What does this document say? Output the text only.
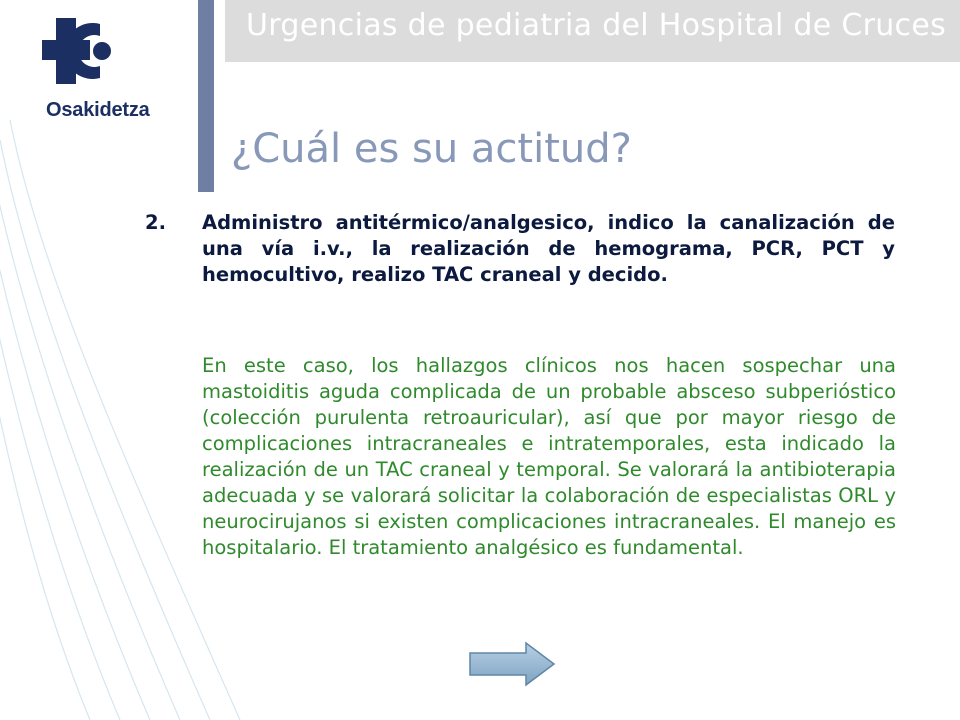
Urgencias de pediatria del Hospital de Cruces
Osakidetza
¿Cuál es su actitud?
2. Administro antitérmico/analgesico, indico la canalización de una vía i.v., la realización de hemograma, PCR, PCT y hemocultivo, realizo TAC craneal y decido.
En este caso, los hallazgos clínicos nos hacen sospechar una mastoiditis aguda complicada de un probable absceso subperióstico (colección purulenta retroauricular), así que por mayor riesgo de complicaciones intracraneales e intratemporales, esta indicado la realización de un TAC craneal y temporal. Se valorará la antibioterapia adecuada y se valorará solicitar la colaboración de especialistas ORL y neurocirujanos si existen complicaciones intracraneales. El manejo es hospitalario. El tratamiento analgésico es fundamental.
